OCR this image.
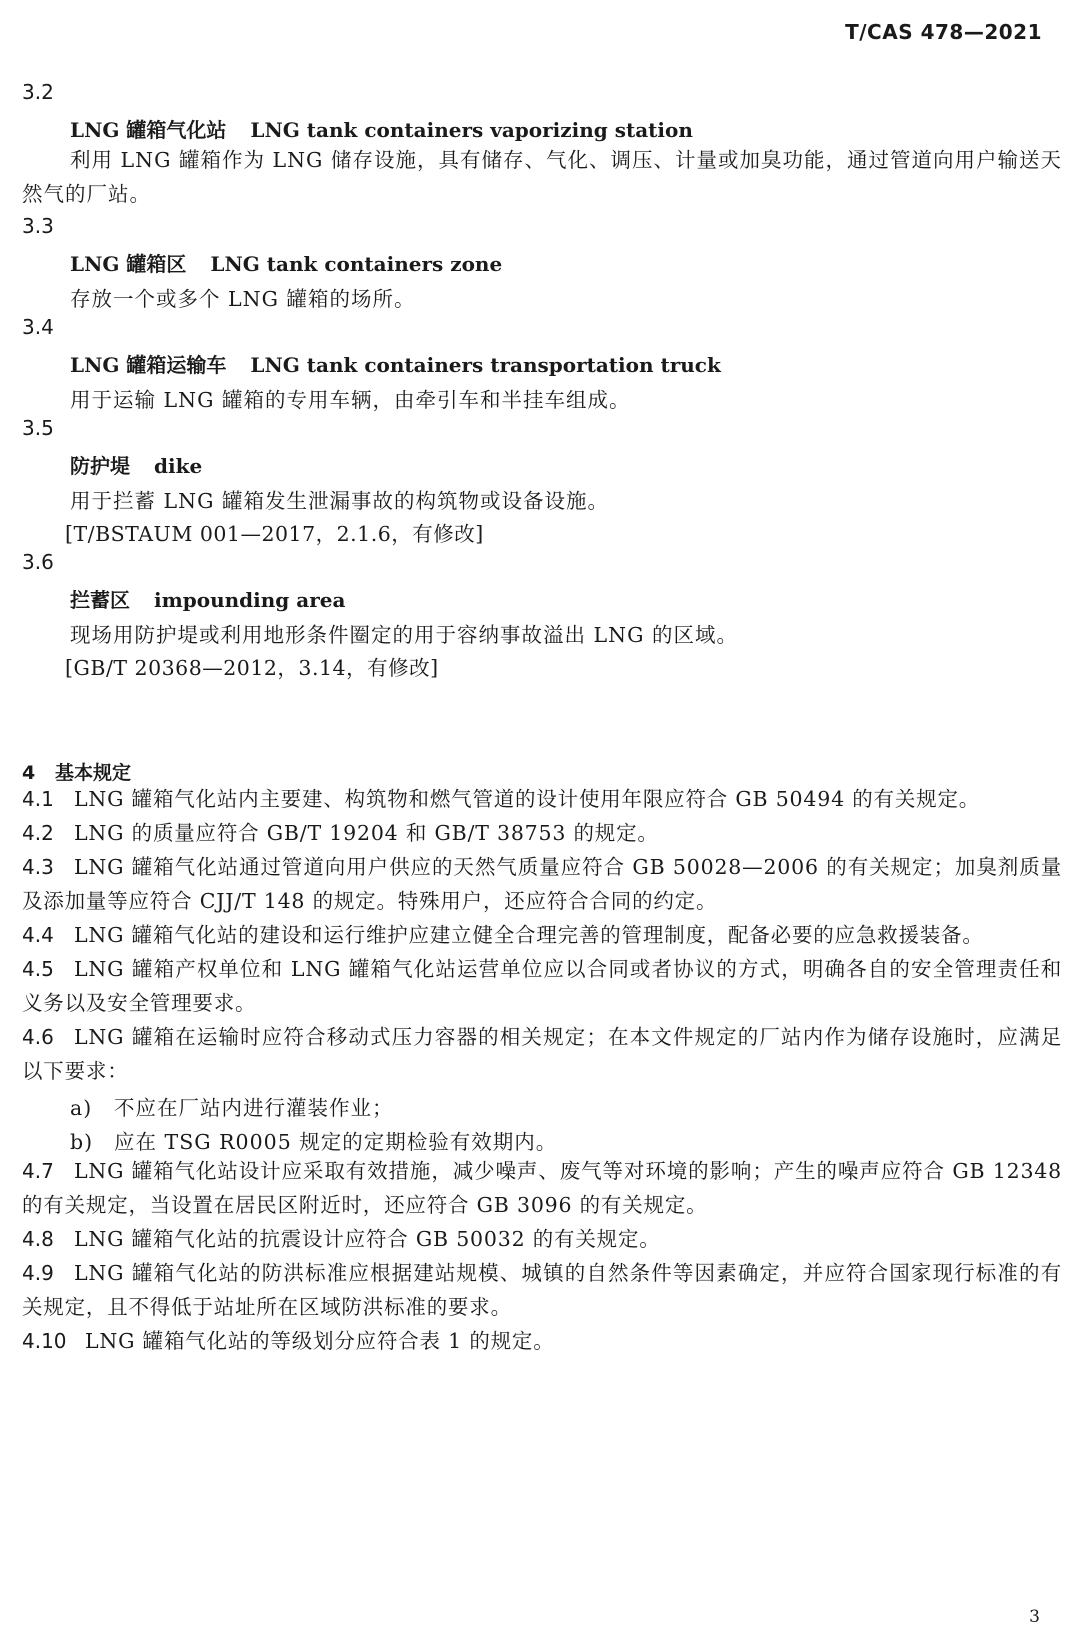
T/CAS 478—2021
3.2
LNG 罐箱气化站 LNG tank containers vaporizing station
利用 LNG 罐箱作为 LNG 储存设施，具有储存、气化、调压、计量或加臭功能，通过管道向用户输送天然气的厂站。
3.3
LNG 罐箱区 LNG tank containers zone
存放一个或多个 LNG 罐箱的场所。
3.4
LNG 罐箱运输车 LNG tank containers transportation truck
用于运输 LNG 罐箱的专用车辆，由牵引车和半挂车组成。
3.5
防护堤 dike
用于拦蓄 LNG 罐箱发生泄漏事故的构筑物或设备设施。
[T/BSTAUM 001—2017，2.1.6，有修改]
3.6
拦蓄区 impounding area
现场用防护堤或利用地形条件圈定的用于容纳事故溢出 LNG 的区域。
[GB/T 20368—2012，3.14，有修改]
4 基本规定
4.1 LNG 罐箱气化站内主要建、构筑物和燃气管道的设计使用年限应符合 GB 50494 的有关规定。
4.2 LNG 的质量应符合 GB/T 19204 和 GB/T 38753 的规定。
4.3 LNG 罐箱气化站通过管道向用户供应的天然气质量应符合 GB 50028—2006 的有关规定；加臭剂质量及添加量等应符合 CJJ/T 148 的规定。特殊用户，还应符合合同的约定。
4.4 LNG 罐箱气化站的建设和运行维护应建立健全合理完善的管理制度，配备必要的应急救援装备。
4.5 LNG 罐箱产权单位和 LNG 罐箱气化站运营单位应以合同或者协议的方式，明确各自的安全管理责任和义务以及安全管理要求。
4.6 LNG 罐箱在运输时应符合移动式压力容器的相关规定；在本文件规定的厂站内作为储存设施时，应满足以下要求：
a) 不应在厂站内进行灌装作业；
b) 应在 TSG R0005 规定的定期检验有效期内。
4.7 LNG 罐箱气化站设计应采取有效措施，减少噪声、废气等对环境的影响；产生的噪声应符合 GB 12348的有关规定，当设置在居民区附近时，还应符合 GB 3096 的有关规定。
4.8 LNG 罐箱气化站的抗震设计应符合 GB 50032 的有关规定。
4.9 LNG 罐箱气化站的防洪标准应根据建站规模、城镇的自然条件等因素确定，并应符合国家现行标准的有关规定，且不得低于站址所在区域防洪标准的要求。
4.10 LNG 罐箱气化站的等级划分应符合表 1 的规定。
3
